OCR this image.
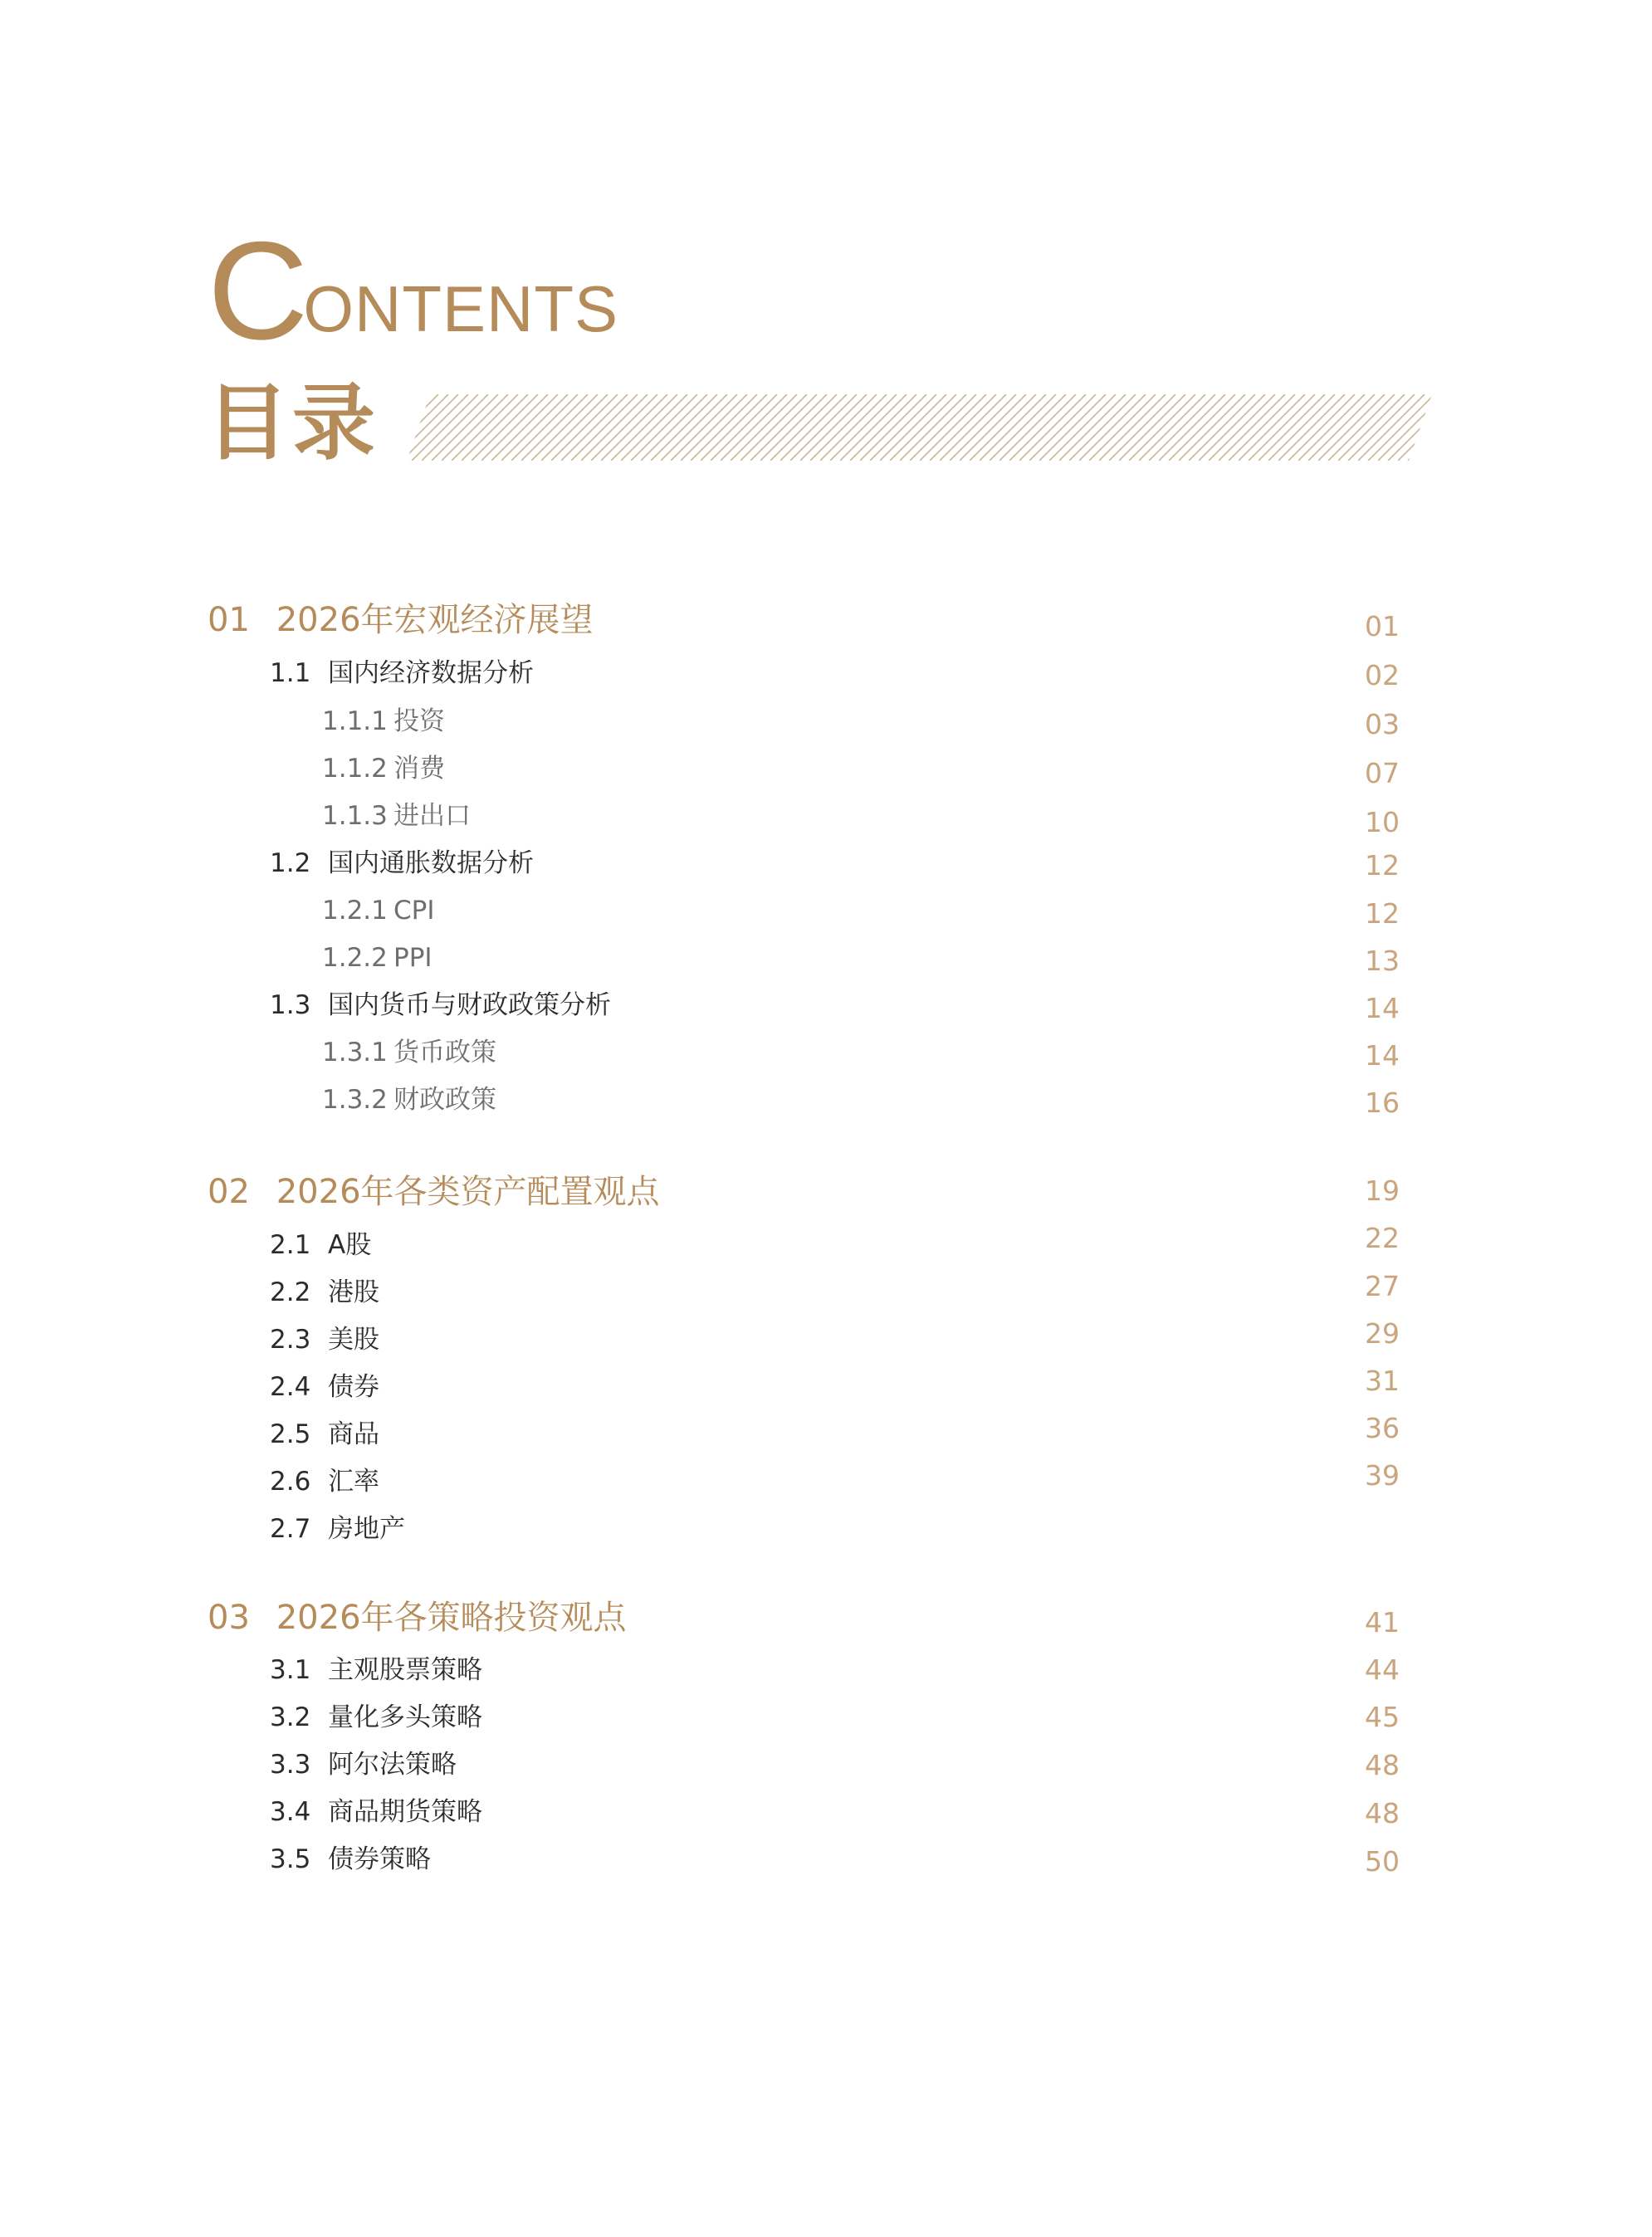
CONTENTS
目录
01 2026年宏观经济展望
1.1 国内经济数据分析
1.1.1 投资
1.1.2 消费
1.1.3 进出口
1.2 国内通胀数据分析
1.2.1 CPI
1.2.2 PPI
1.3 国内货币与财政政策分析
1.3.1 货币政策
1.3.2 财政政策
02 2026年各类资产配置观点
2.1 A股
2.2 港股
2.3 美股
2.4 债券
2.5 商品
2.6 汇率
2.7 房地产
03 2026年各策略投资观点
3.1 主观股票策略
3.2 量化多头策略
3.3 阿尔法策略
3.4 商品期货策略
3.5 债券策略
01
02
03
07
10
12
12
13
14
14
16
19
22
27
29
31
36
39
41
44
45
48
48
50
